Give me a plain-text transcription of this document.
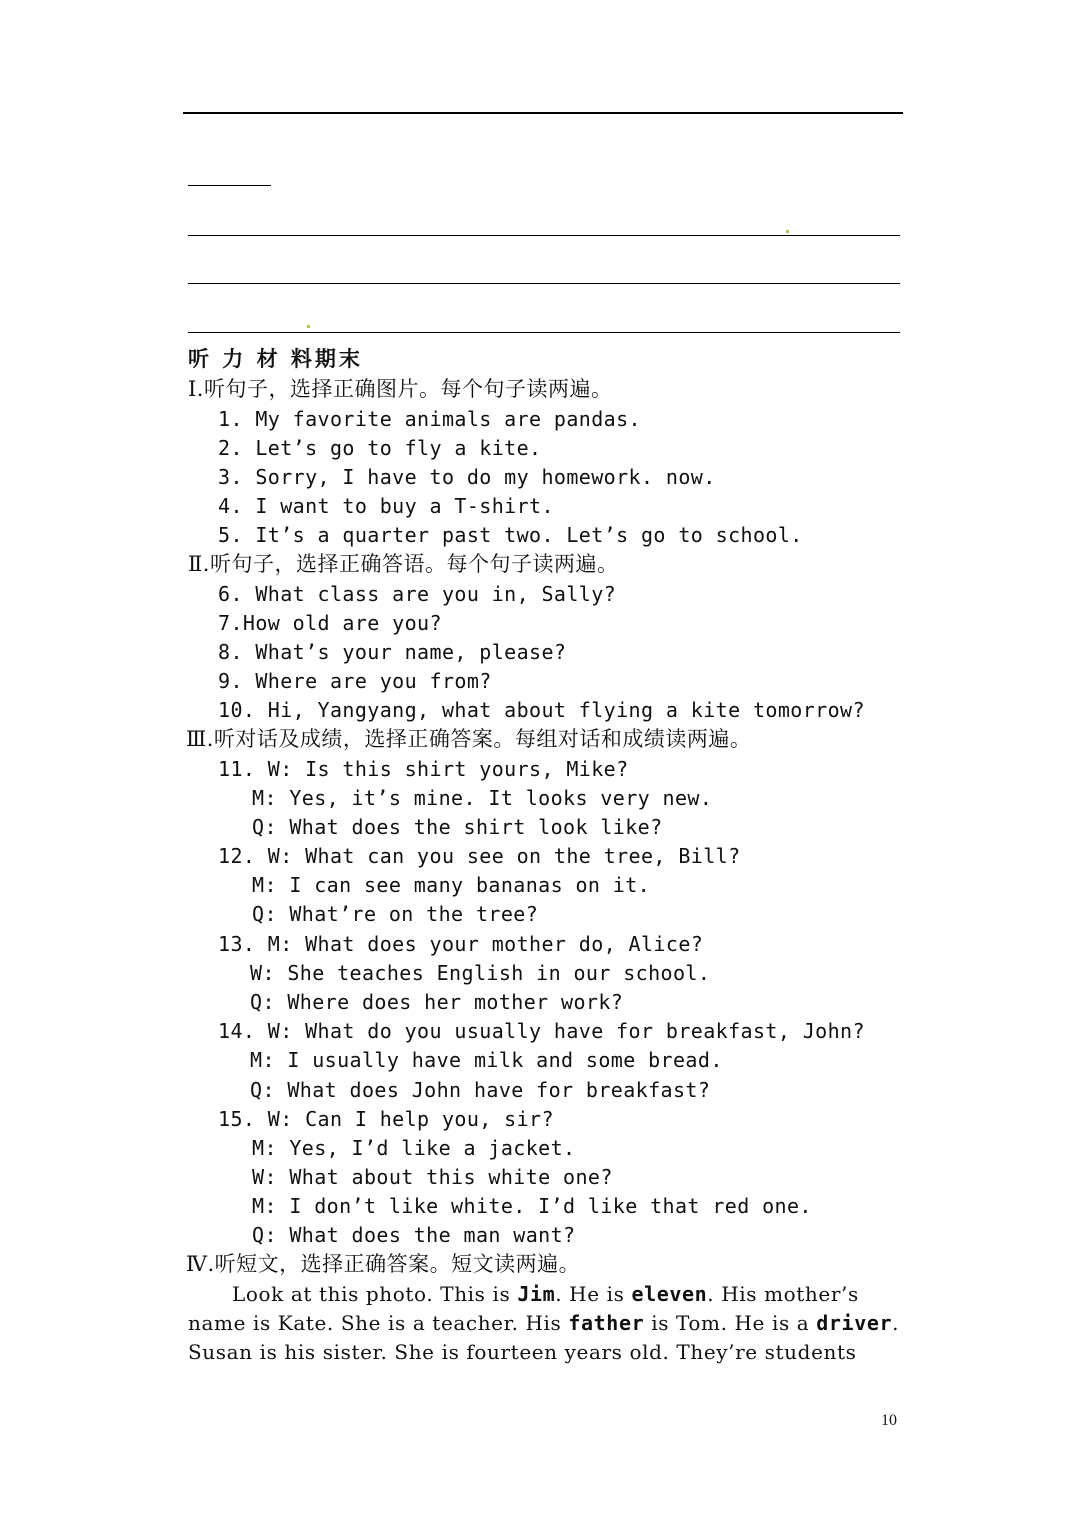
听 力 材 料期末
Ⅰ.听句子，选择正确图片。每个句子读两遍。
1. My favorite animals are pandas.
2. Let’s go to fly a kite.
3. Sorry, I have to do my homework. now.
4. I want to buy a T-shirt.
5. It’s a quarter past two. Let’s go to school.
Ⅱ.听句子，选择正确答语。每个句子读两遍。
6. What class are you in, Sally?
7.How old are you?
8. What’s your name, please?
9. Where are you from?
10. Hi, Yangyang, what about flying a kite tomorrow?
Ⅲ.听对话及成绩，选择正确答案。每组对话和成绩读两遍。
11. W: Is this shirt yours, Mike?
M: Yes, it’s mine. It looks very new.
Q: What does the shirt look like?
12. W: What can you see on the tree, Bill?
M: I can see many bananas on it.
Q: What’re on the tree?
13. M: What does your mother do, Alice?
W: She teaches English in our school.
Q: Where does her mother work?
14. W: What do you usually have for breakfast, John?
M: I usually have milk and some bread.
Q: What does John have for breakfast?
15. W: Can I help you, sir?
M: Yes, I’d like a jacket.
W: What about this white one?
M: I don’t like white. I’d like that red one.
Q: What does the man want?
Ⅳ.听短文，选择正确答案。短文读两遍。
Look at this photo. This is Jim. He is eleven. His mother’s
name is Kate. She is a teacher. His father is Tom. He is a driver.
Susan is his sister. She is fourteen years old. They’re students
10
